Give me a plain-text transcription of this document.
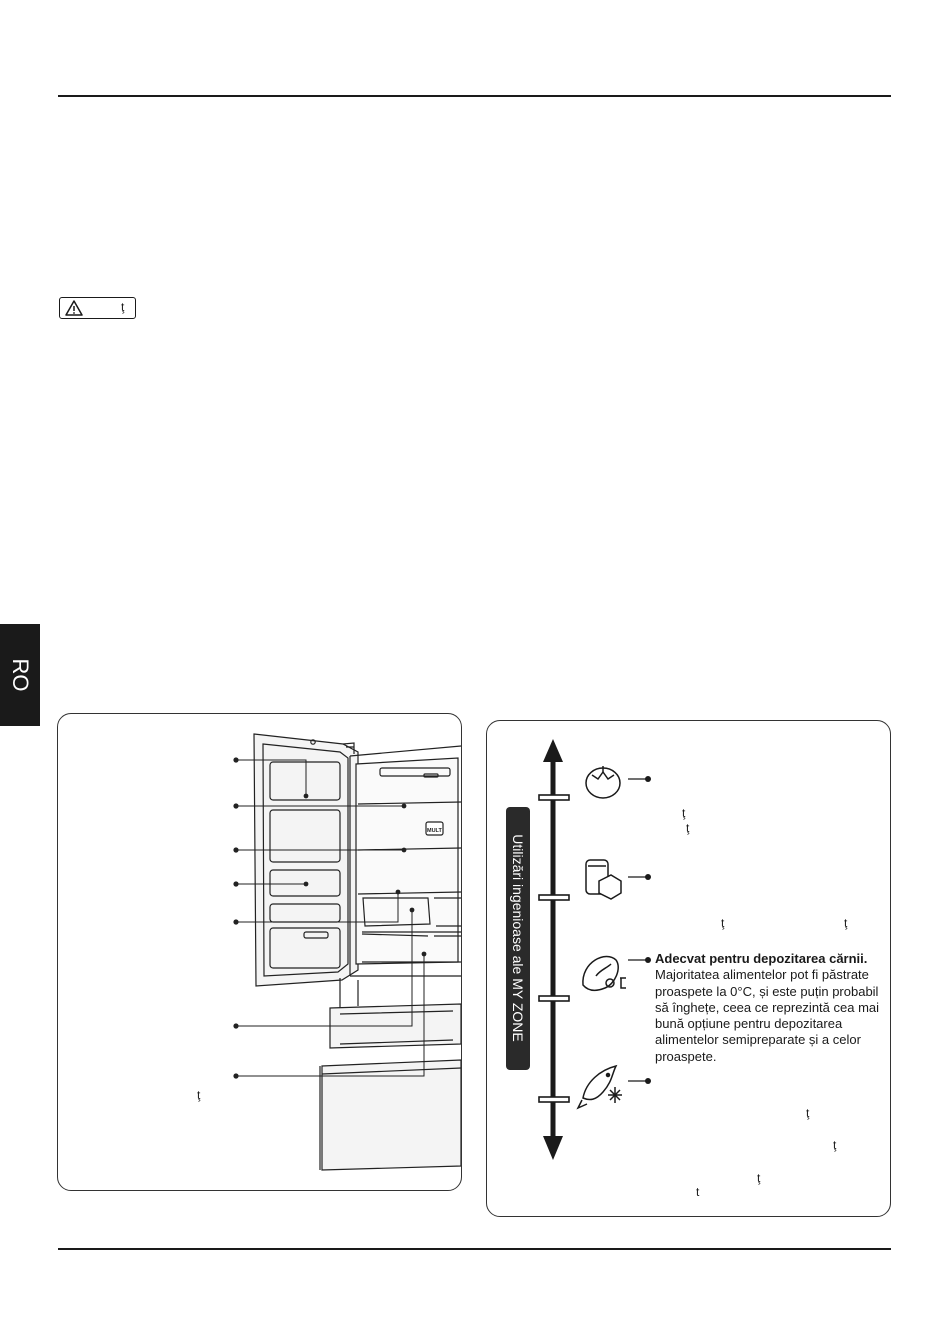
ţ
RO
MULT
ţ
Utilizări ingenioase ale MY ZONE	Adecvat pentru depozitarea cărnii.
Majoritatea alimentelor pot fi păstrate proaspete la 0°C, și este puțin probabil să înghețe, ceea ce reprezintă cea mai bună opțiune pentru depozitarea alimentelor semipreparate și a celor proaspete.
ţ
ţ
ţ	ţ
ţ
ţ
ţ
t
